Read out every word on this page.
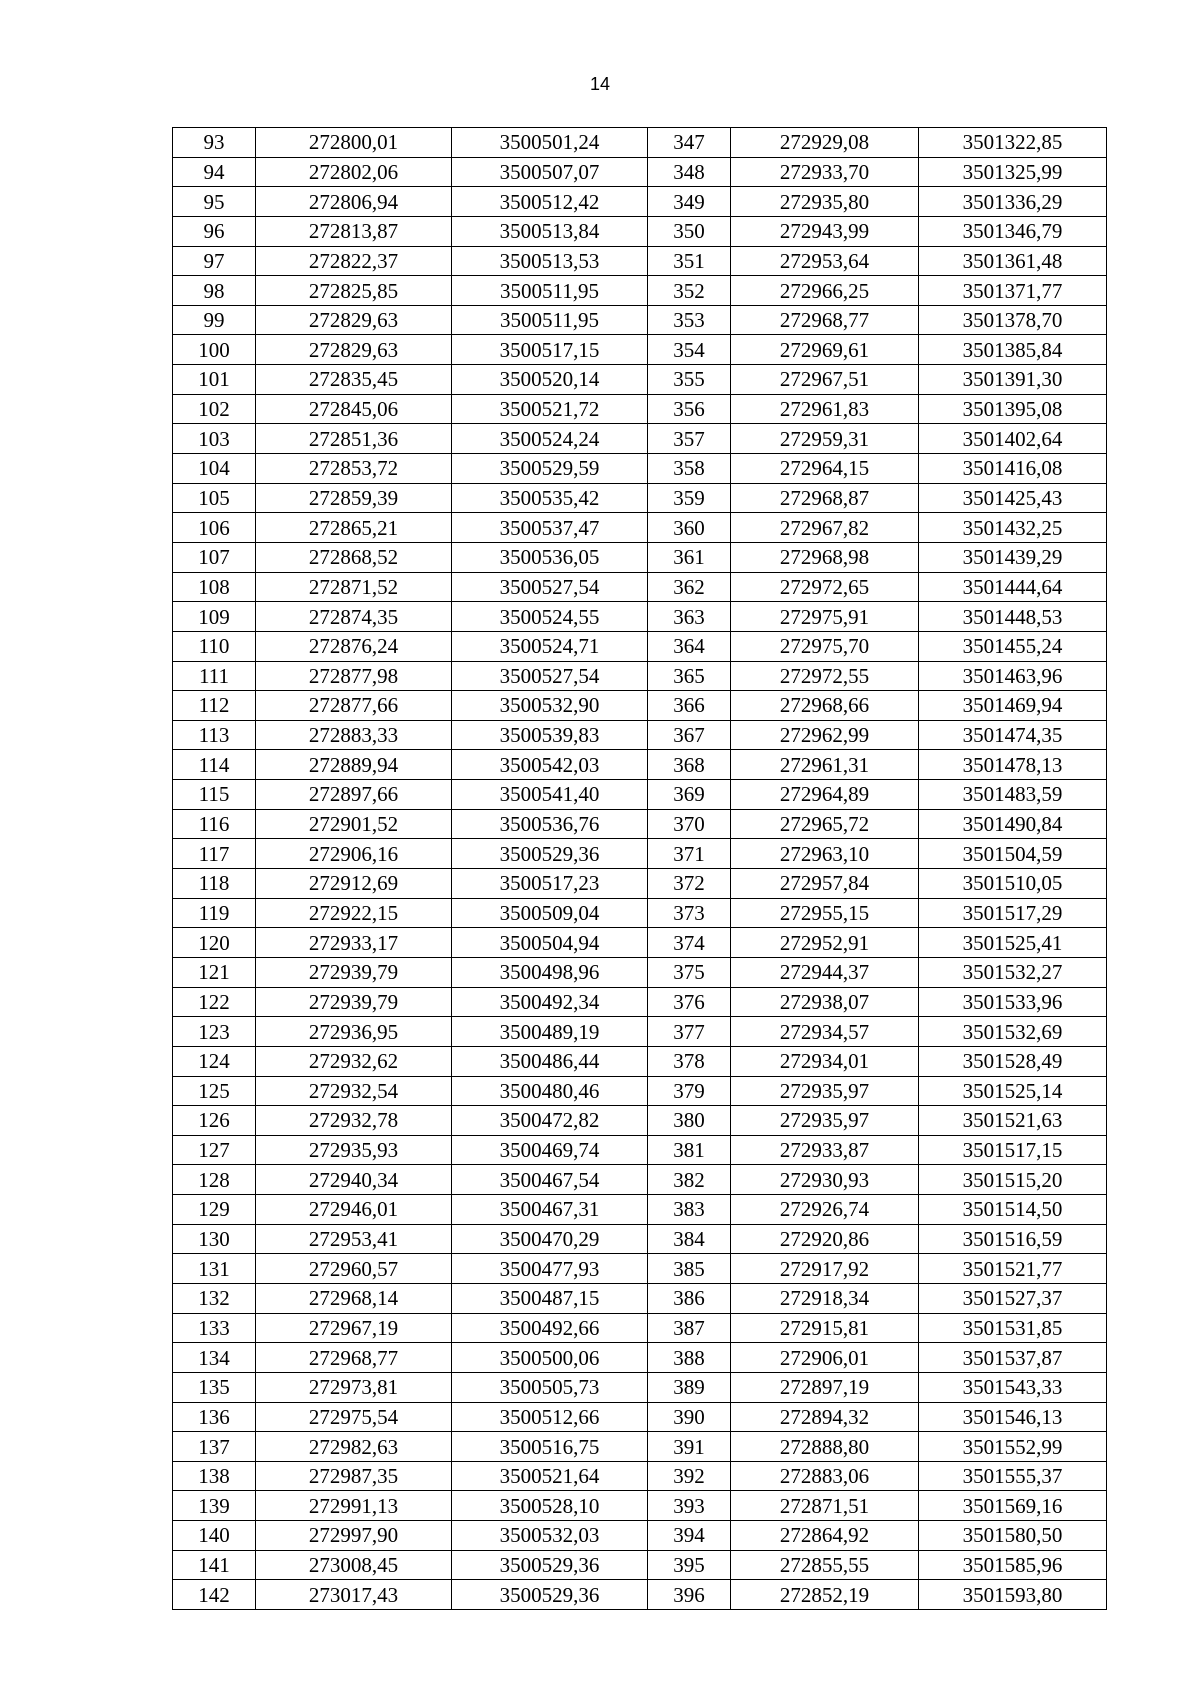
14
93	272800,01	3500501,24	347	272929,08	3501322,85
94	272802,06	3500507,07	348	272933,70	3501325,99
95	272806,94	3500512,42	349	272935,80	3501336,29
96	272813,87	3500513,84	350	272943,99	3501346,79
97	272822,37	3500513,53	351	272953,64	3501361,48
98	272825,85	3500511,95	352	272966,25	3501371,77
99	272829,63	3500511,95	353	272968,77	3501378,70
100	272829,63	3500517,15	354	272969,61	3501385,84
101	272835,45	3500520,14	355	272967,51	3501391,30
102	272845,06	3500521,72	356	272961,83	3501395,08
103	272851,36	3500524,24	357	272959,31	3501402,64
104	272853,72	3500529,59	358	272964,15	3501416,08
105	272859,39	3500535,42	359	272968,87	3501425,43
106	272865,21	3500537,47	360	272967,82	3501432,25
107	272868,52	3500536,05	361	272968,98	3501439,29
108	272871,52	3500527,54	362	272972,65	3501444,64
109	272874,35	3500524,55	363	272975,91	3501448,53
110	272876,24	3500524,71	364	272975,70	3501455,24
111	272877,98	3500527,54	365	272972,55	3501463,96
112	272877,66	3500532,90	366	272968,66	3501469,94
113	272883,33	3500539,83	367	272962,99	3501474,35
114	272889,94	3500542,03	368	272961,31	3501478,13
115	272897,66	3500541,40	369	272964,89	3501483,59
116	272901,52	3500536,76	370	272965,72	3501490,84
117	272906,16	3500529,36	371	272963,10	3501504,59
118	272912,69	3500517,23	372	272957,84	3501510,05
119	272922,15	3500509,04	373	272955,15	3501517,29
120	272933,17	3500504,94	374	272952,91	3501525,41
121	272939,79	3500498,96	375	272944,37	3501532,27
122	272939,79	3500492,34	376	272938,07	3501533,96
123	272936,95	3500489,19	377	272934,57	3501532,69
124	272932,62	3500486,44	378	272934,01	3501528,49
125	272932,54	3500480,46	379	272935,97	3501525,14
126	272932,78	3500472,82	380	272935,97	3501521,63
127	272935,93	3500469,74	381	272933,87	3501517,15
128	272940,34	3500467,54	382	272930,93	3501515,20
129	272946,01	3500467,31	383	272926,74	3501514,50
130	272953,41	3500470,29	384	272920,86	3501516,59
131	272960,57	3500477,93	385	272917,92	3501521,77
132	272968,14	3500487,15	386	272918,34	3501527,37
133	272967,19	3500492,66	387	272915,81	3501531,85
134	272968,77	3500500,06	388	272906,01	3501537,87
135	272973,81	3500505,73	389	272897,19	3501543,33
136	272975,54	3500512,66	390	272894,32	3501546,13
137	272982,63	3500516,75	391	272888,80	3501552,99
138	272987,35	3500521,64	392	272883,06	3501555,37
139	272991,13	3500528,10	393	272871,51	3501569,16
140	272997,90	3500532,03	394	272864,92	3501580,50
141	273008,45	3500529,36	395	272855,55	3501585,96
142	273017,43	3500529,36	396	272852,19	3501593,80
